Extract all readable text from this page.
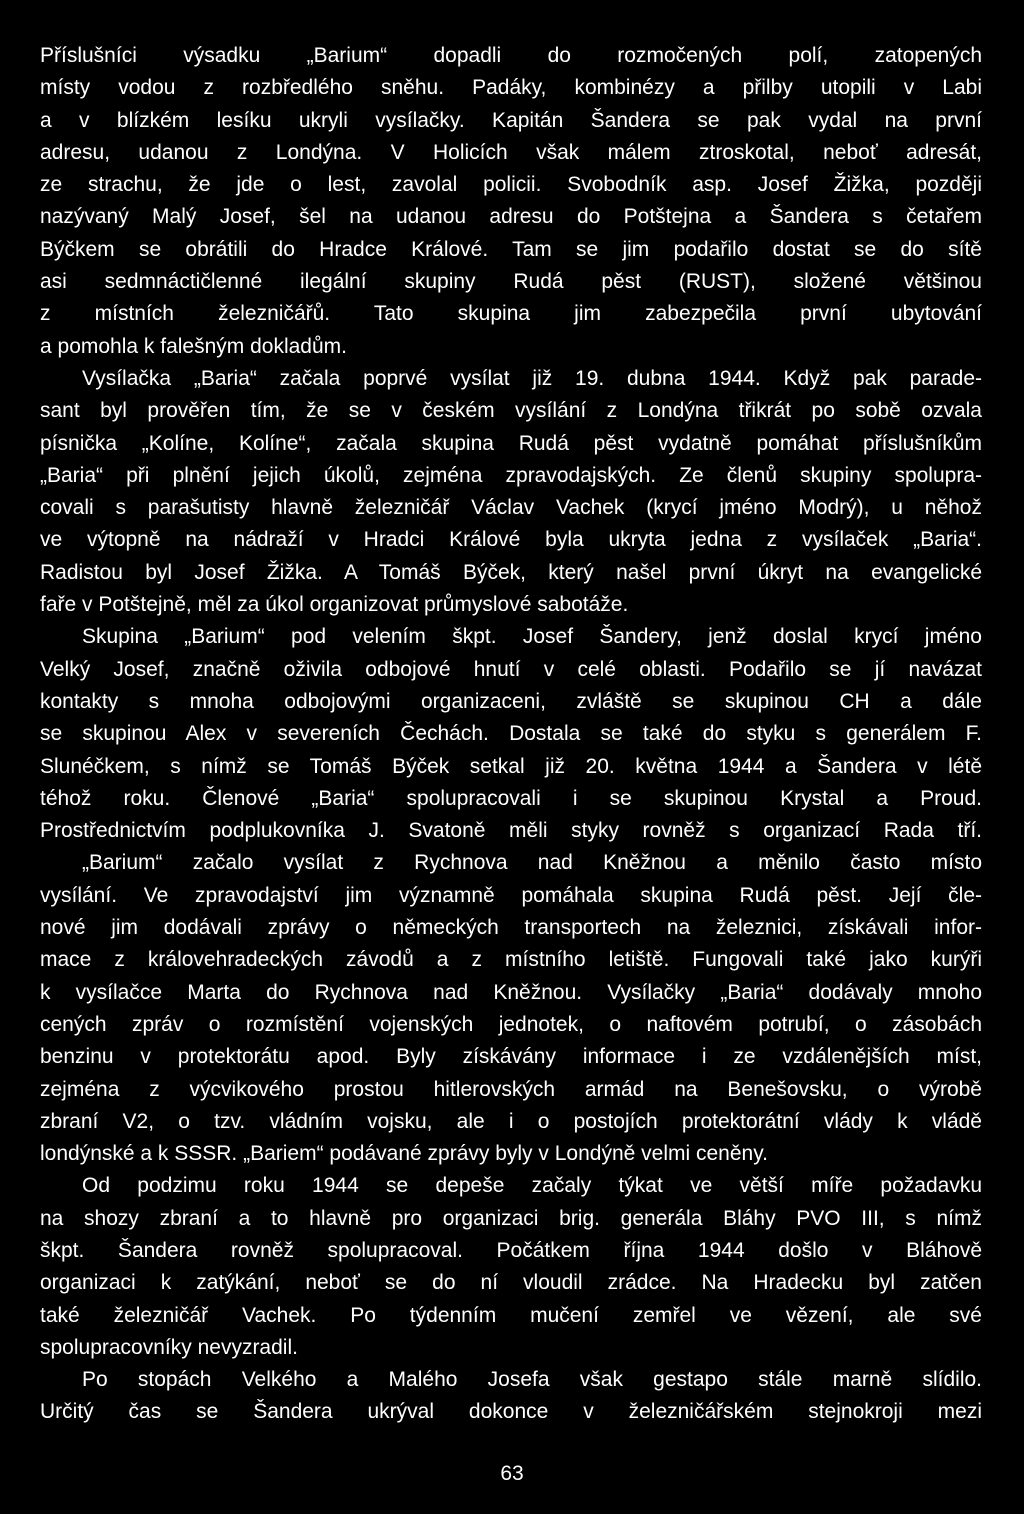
Příslušníci výsadku „Barium“ dopadli do rozmočených polí, zatopených
místy vodou z rozbředlého sněhu. Padáky, kombinézy a přilby utopili v Labi
a v blízkém lesíku ukryli vysílačky. Kapitán Šandera se pak vydal na první
adresu, udanou z Londýna. V Holicích však málem ztroskotal, neboť adresát,
ze strachu, že jde o lest, zavolal policii. Svobodník asp. Josef Žižka, později
nazývaný Malý Josef, šel na udanou adresu do Potštejna a Šandera s četařem
Býčkem se obrátili do Hradce Králové. Tam se jim podařilo dostat se do sítě
asi sedmnáctičlenné ilegální skupiny Rudá pěst (RUST), složené většinou
z místních železničářů. Tato skupina jim zabezpečila první ubytování
a pomohla k falešným dokladům.
Vysílačka „Baria“ začala poprvé vysílat již 19. dubna 1944. Když pak parade-
sant byl prověřen tím, že se v českém vysílání z Londýna třikrát po sobě ozvala
písnička „Kolíne, Kolíne“, začala skupina Rudá pěst vydatně pomáhat příslušníkům
„Baria“ při plnění jejich úkolů, zejména zpravodajských. Ze členů skupiny spolupra-
covali s parašutisty hlavně železničář Václav Vachek (krycí jméno Modrý), u něhož
ve výtopně na nádraží v Hradci Králové byla ukryta jedna z vysílaček „Baria“.
Radistou byl Josef Žižka. A Tomáš Býček, který našel první úkryt na evangelické
faře v Potštejně, měl za úkol organizovat průmyslové sabotáže.
Skupina „Barium“ pod velením škpt. Josef Šandery, jenž doslal krycí jméno
Velký Josef, značně oživila odbojové hnutí v celé oblasti. Podařilo se jí navázat
kontakty s mnoha odbojovými organizaceni, zvláště se skupinou CH a dále
se skupinou Alex v severeních Čechách. Dostala se také do styku s generálem F.
Slunéčkem, s nímž se Tomáš Býček setkal již 20. května 1944 a Šandera v létě
téhož roku. Členové „Baria“ spolupracovali i se skupinou Krystal a Proud.
Prostřednictvím podplukovníka J. Svatoně měli styky rovněž s organizací Rada tří.
„Barium“ začalo vysílat z Rychnova nad Kněžnou a měnilo často místo
vysílání. Ve zpravodajství jim významně pomáhala skupina Rudá pěst. Její čle-
nové jim dodávali zprávy o německých transportech na železnici, získávali infor-
mace z královehradeckých závodů a z místního letiště. Fungovali také jako kurýři
k vysílačce Marta do Rychnova nad Kněžnou. Vysílačky „Baria“ dodávaly mnoho
cených zpráv o rozmístění vojenských jednotek, o naftovém potrubí, o zásobách
benzinu v protektorátu apod. Byly získávány informace i ze vzdálenějších míst,
zejména z výcvikového prostou hitlerovských armád na Benešovsku, o výrobě
zbraní V2, o tzv. vládním vojsku, ale i o postojích protektorátní vlády k vládě
londýnské a k SSSR. „Bariem“ podávané zprávy byly v Londýně velmi ceněny.
Od podzimu roku 1944 se depeše začaly týkat ve větší míře požadavku
na shozy zbraní a to hlavně pro organizaci brig. generála Bláhy PVO III, s nímž
škpt. Šandera rovněž spolupracoval. Počátkem října 1944 došlo v Bláhově
organizaci k zatýkání, neboť se do ní vloudil zrádce. Na Hradecku byl zatčen
také železničář Vachek. Po týdenním mučení zemřel ve vězení, ale své
spolupracovníky nevyzradil.
Po stopách Velkého a Malého Josefa však gestapo stále marně slídilo.
Určitý čas se Šandera ukrýval dokonce v železničářském stejnokroji mezi
63
